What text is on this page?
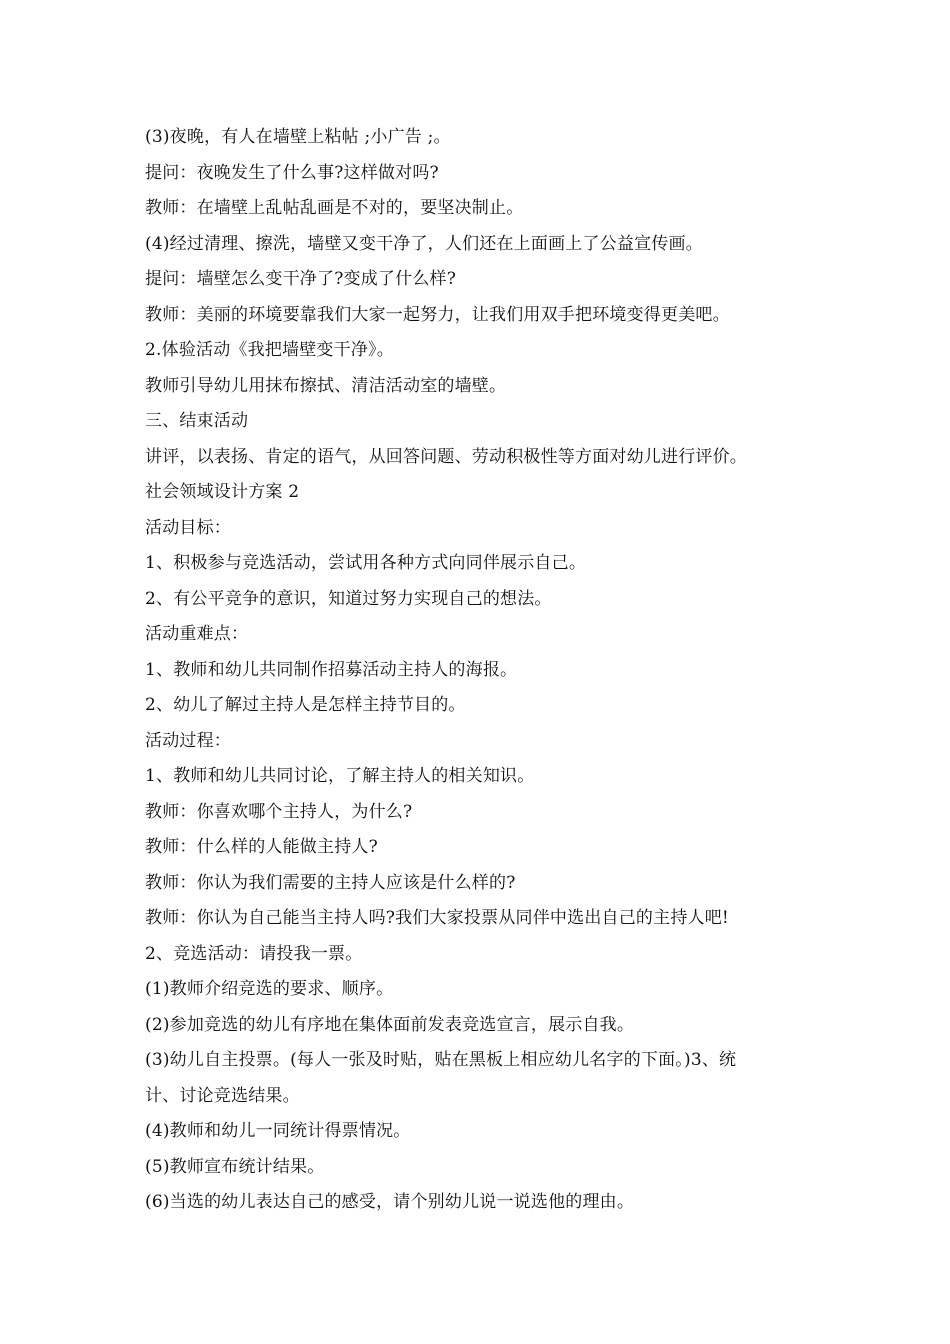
(3)夜晚，有人在墙壁上粘帖 ;小广告 ;。
提问：夜晚发生了什么事?这样做对吗?
教师：在墙壁上乱帖乱画是不对的，要坚决制止。
(4)经过清理、擦洗，墙壁又变干净了，人们还在上面画上了公益宣传画。
提问：墙壁怎么变干净了?变成了什么样?
教师：美丽的环境要靠我们大家一起努力，让我们用双手把环境变得更美吧。
2.体验活动《我把墙壁变干净》。
教师引导幼儿用抹布擦拭、清洁活动室的墙壁。
三、结束活动
讲评，以表扬、肯定的语气，从回答问题、劳动积极性等方面对幼儿进行评价。
社会领域设计方案 2
活动目标：
1、积极参与竞选活动，尝试用各种方式向同伴展示自己。
2、有公平竞争的意识，知道过努力实现自己的想法。
活动重难点：
1、教师和幼儿共同制作招募活动主持人的海报。
2、幼儿了解过主持人是怎样主持节目的。
活动过程：
1、教师和幼儿共同讨论，了解主持人的相关知识。
教师：你喜欢哪个主持人，为什么?
教师：什么样的人能做主持人?
教师：你认为我们需要的主持人应该是什么样的?
教师：你认为自己能当主持人吗?我们大家投票从同伴中选出自己的主持人吧!
2、竞选活动：请投我一票。
(1)教师介绍竞选的要求、顺序。
(2)参加竞选的幼儿有序地在集体面前发表竞选宣言，展示自我。
(3)幼儿自主投票。(每人一张及时贴，贴在黑板上相应幼儿名字的下面。)3、统
计、讨论竞选结果。
(4)教师和幼儿一同统计得票情况。
(5)教师宣布统计结果。
(6)当选的幼儿表达自己的感受，请个别幼儿说一说选他的理由。
